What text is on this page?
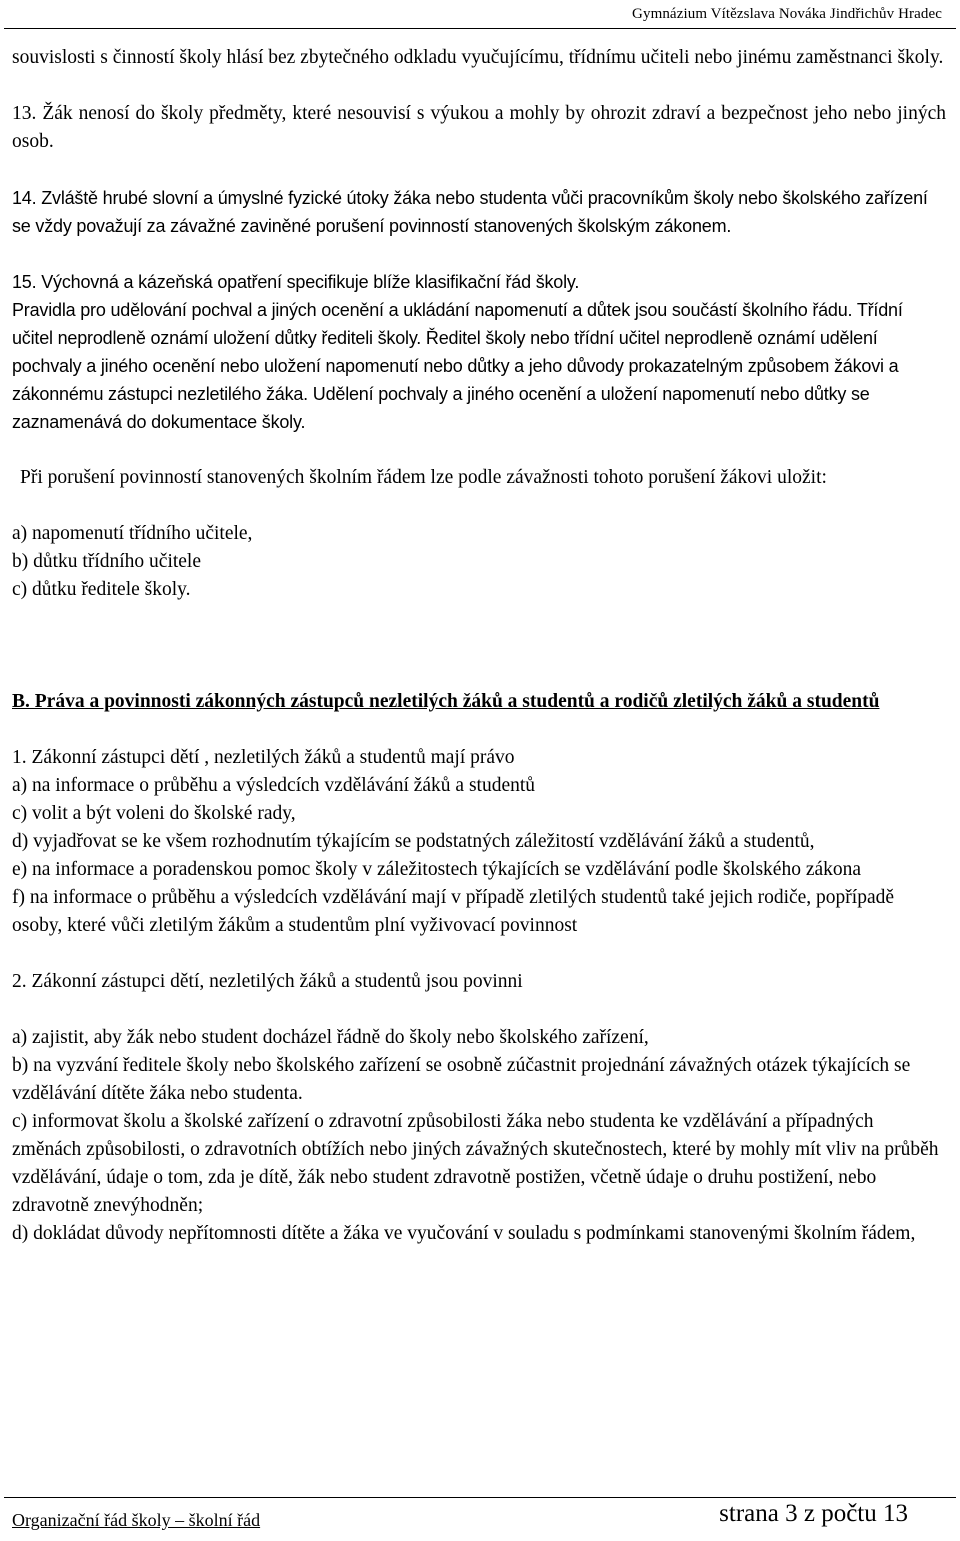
Gymnázium Vítězslava Nováka Jindřichův Hradec

souvislosti s činností školy hlásí bez zbytečného odkladu vyučujícímu, třídnímu učiteli nebo jinému zaměstnanci školy.

13. Žák nenosí do školy předměty, které nesouvisí s výukou a mohly by ohrozit zdraví a bezpečnost jeho nebo jiných osob.

14. Zvláště hrubé slovní a úmyslné fyzické útoky žáka nebo studenta vůči pracovníkům školy nebo školského zařízení se vždy považují za závažné zaviněné porušení povinností stanovených školským zákonem.

15. Výchovná a kázeňská opatření specifikuje blíže klasifikační řád školy.

Pravidla pro udělování pochval a jiných ocenění a ukládání napomenutí a důtek jsou součástí školního řádu. Třídní učitel neprodleně oznámí uložení důtky řediteli školy. Ředitel školy nebo třídní učitel neprodleně oznámí udělení pochvaly a jiného ocenění nebo uložení napomenutí nebo důtky a jeho důvody prokazatelným způsobem žákovi a zákonnému zástupci nezletilého žáka. Udělení pochvaly a jiného ocenění a uložení napomenutí nebo důtky se zaznamenává do dokumentace školy.

Při porušení povinností stanovených školním řádem lze podle závažnosti tohoto porušení žákovi uložit:

a) napomenutí třídního učitele,

b) důtku třídního učitele

c) důtku ředitele školy.

B. Práva a povinnosti zákonných zástupců nezletilých žáků a studentů a rodičů zletilých žáků a studentů

1. Zákonní zástupci dětí , nezletilých žáků a studentů mají právo

a) na informace o průběhu a výsledcích vzdělávání žáků a studentů

c) volit a být voleni do školské rady,

d) vyjadřovat se ke všem rozhodnutím týkajícím se podstatných záležitostí vzdělávání žáků a studentů,

e) na informace a poradenskou pomoc školy v záležitostech týkajících se vzdělávání podle školského zákona

f) na informace o průběhu a výsledcích vzdělávání mají v případě zletilých studentů také jejich rodiče, popřípadě osoby, které vůči zletilým žákům a studentům plní vyživovací povinnost

2. Zákonní zástupci dětí, nezletilých žáků a studentů jsou povinni

a) zajistit, aby žák nebo student docházel řádně do školy nebo školského zařízení,

b) na vyzvání ředitele školy nebo školského zařízení se osobně zúčastnit projednání závažných otázek týkajících se vzdělávání dítěte žáka nebo studenta.

c) informovat školu a školské zařízení o zdravotní způsobilosti žáka nebo studenta ke vzdělávání a případných změnách způsobilosti, o zdravotních obtížích nebo jiných závažných skutečnostech, které by mohly mít vliv na průběh vzdělávání, údaje o tom, zda je dítě, žák nebo student zdravotně postižen, včetně údaje o druhu postižení, nebo zdravotně znevýhodněn;

d) dokládat důvody nepřítomnosti dítěte a žáka ve vyučování v souladu s podmínkami stanovenými školním řádem,

Organizační řád školy – školní řád	strana 3 z počtu 13
